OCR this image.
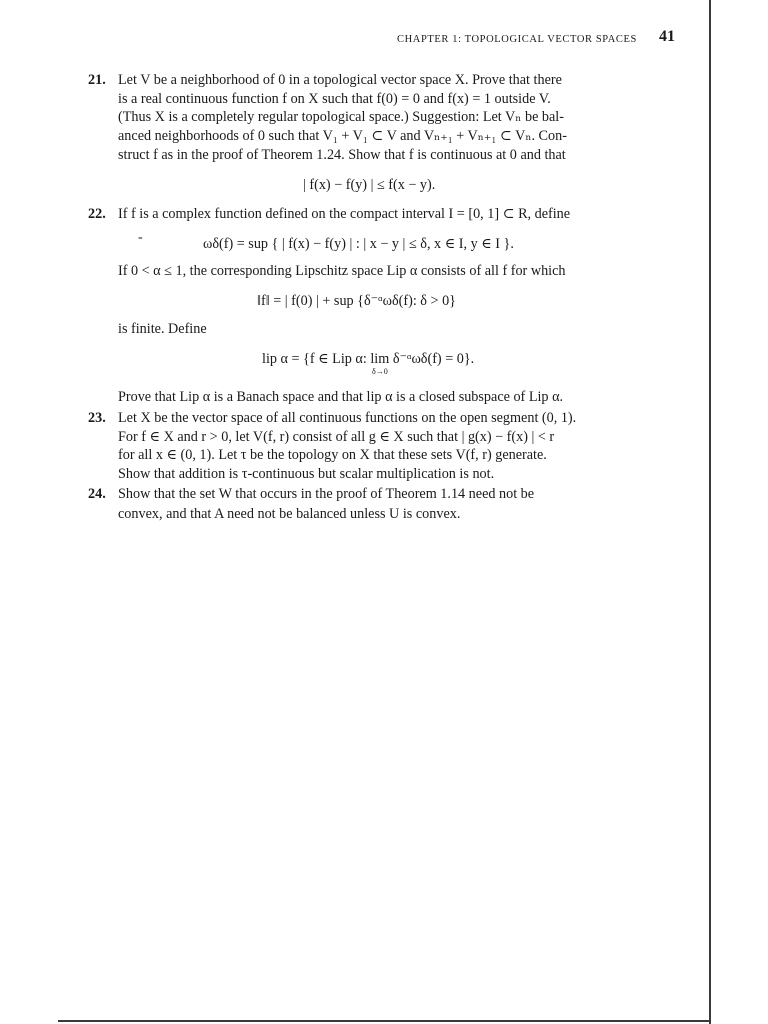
CHAPTER 1: TOPOLOGICAL VECTOR SPACES 41
21. Let V be a neighborhood of 0 in a topological vector space X. Prove that there
is a real continuous function f on X such that f(0) = 0 and f(x) = 1 outside V.
(Thus X is a completely regular topological space.) Suggestion: Let Vₙ be bal-
anced neighborhoods of 0 such that V₁ + V₁ ⊂ V and Vₙ₊₁ + Vₙ₊₁ ⊂ Vₙ. Con-
struct f as in the proof of Theorem 1.24. Show that f is continuous at 0 and that
| f(x) − f(y) | ≤ f(x − y).
22. If f is a complex function defined on the compact interval I = [0, 1] ⊂ R, define
-	ωδ(f) = sup { | f(x) − f(y) | : | x − y | ≤ δ, x ∈ I, y ∈ I }.
If 0 < α ≤ 1, the corresponding Lipschitz space Lip α consists of all f for which
‖f‖ = | f(0) | + sup {δ⁻ᵅωδ(f): δ > 0}
is finite. Define
lip α = {f ∈ Lip α: lim δ⁻ᵅωδ(f) = 0}.
δ→0
Prove that Lip α is a Banach space and that lip α is a closed subspace of Lip α.
23. Let X be the vector space of all continuous functions on the open segment (0, 1).
For f ∈ X and r > 0, let V(f, r) consist of all g ∈ X such that | g(x) − f(x) | < r
for all x ∈ (0, 1). Let τ be the topology on X that these sets V(f, r) generate.
Show that addition is τ-continuous but scalar multiplication is not.
24. Show that the set W that occurs in the proof of Theorem 1.14 need not be
convex, and that A need not be balanced unless U is convex.
